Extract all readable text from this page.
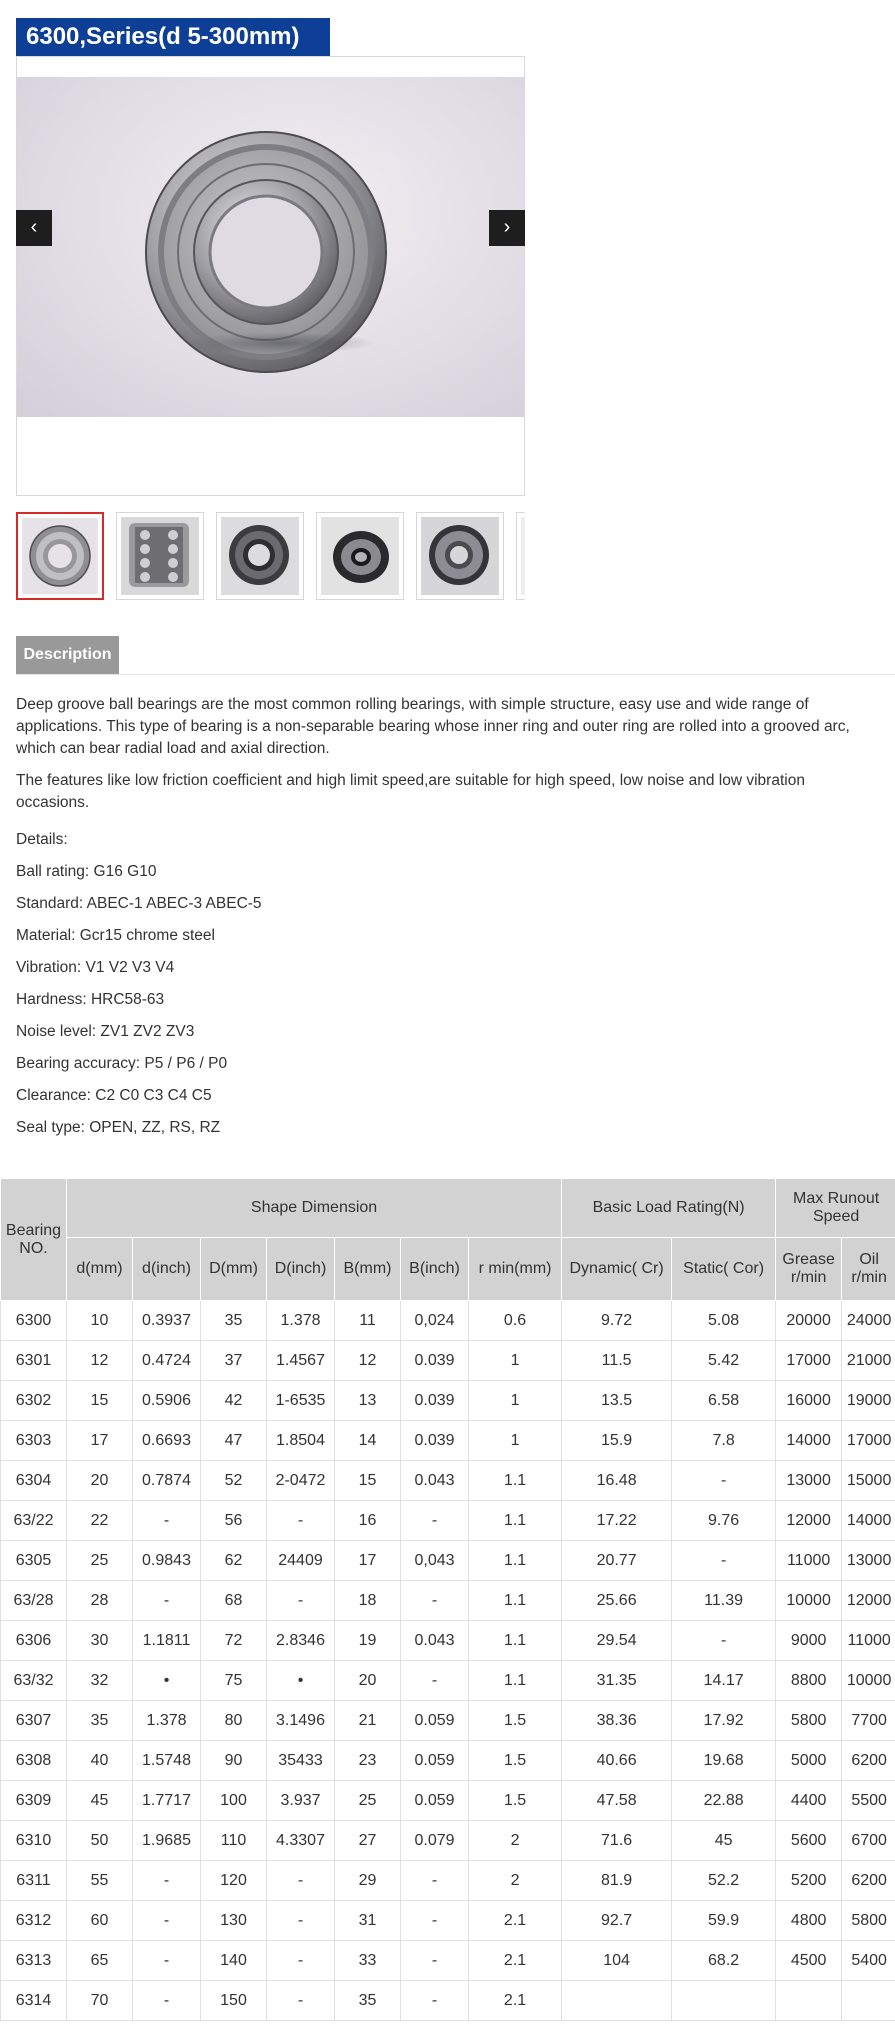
6300,Series(d 5-300mm)
‹	›
Description

Deep groove ball bearings are the most common rolling bearings, with simple structure, easy use and wide range of applications. This type of bearing is a non-separable bearing whose inner ring and outer ring are rolled into a grooved arc, which can bear radial load and axial direction.

The features like low friction coefficient and high limit speed,are suitable for high speed, low noise and low vibration occasions.

Details:
Ball rating: G16 G10
Standard: ABEC-1 ABEC-3 ABEC-5
Material: Gcr15 chrome steel
Vibration: V1 V2 V3 V4
Hardness: HRC58-63
Noise level: ZV1 ZV2 ZV3
Bearing accuracy: P5 / P6 / P0
Clearance: C2 C0 C3 C4 C5
Seal type: OPEN, ZZ, RS, RZ
Bearing NO.	Shape Dimension							Basic Load Rating(N)		Max Runout Speed	
	d(mm)	d(inch)	D(mm)	D(inch)	B(mm)	B(inch)	r min(mm)	Dynamic( Cr)	Static( Cor)	Grease r/min	Oil r/min
6300	10	0.3937	35	1.378	11	0,024	0.6	9.72	5.08	20000	24000
6301	12	0.4724	37	1.4567	12	0.039	1	11.5	5.42	17000	21000
6302	15	0.5906	42	1-6535	13	0.039	1	13.5	6.58	16000	19000
6303	17	0.6693	47	1.8504	14	0.039	1	15.9	7.8	14000	17000
6304	20	0.7874	52	2-0472	15	0.043	1.1	16.48	-	13000	15000
63/22	22	-	56	-	16	-	1.1	17.22	9.76	12000	14000
6305	25	0.9843	62	24409	17	0,043	1.1	20.77	-	11000	13000
63/28	28	-	68	-	18	-	1.1	25.66	11.39	10000	12000
6306	30	1.1811	72	2.8346	19	0.043	1.1	29.54	-	9000	11000
63/32	32	•	75	•	20	-	1.1	31.35	14.17	8800	10000
6307	35	1.378	80	3.1496	21	0.059	1.5	38.36	17.92	5800	7700
6308	40	1.5748	90	35433	23	0.059	1.5	40.66	19.68	5000	6200
6309	45	1.7717	100	3.937	25	0.059	1.5	47.58	22.88	4400	5500
6310	50	1.9685	110	4.3307	27	0.079	2	71.6	45	5600	6700
6311	55	-	120	-	29	-	2	81.9	52.2	5200	6200
6312	60	-	130	-	31	-	2.1	92.7	59.9	4800	5800
6313	65	-	140	-	33	-	2.1	104	68.2	4500	5400
6314	70	-	150	-	35	-	2.1				
